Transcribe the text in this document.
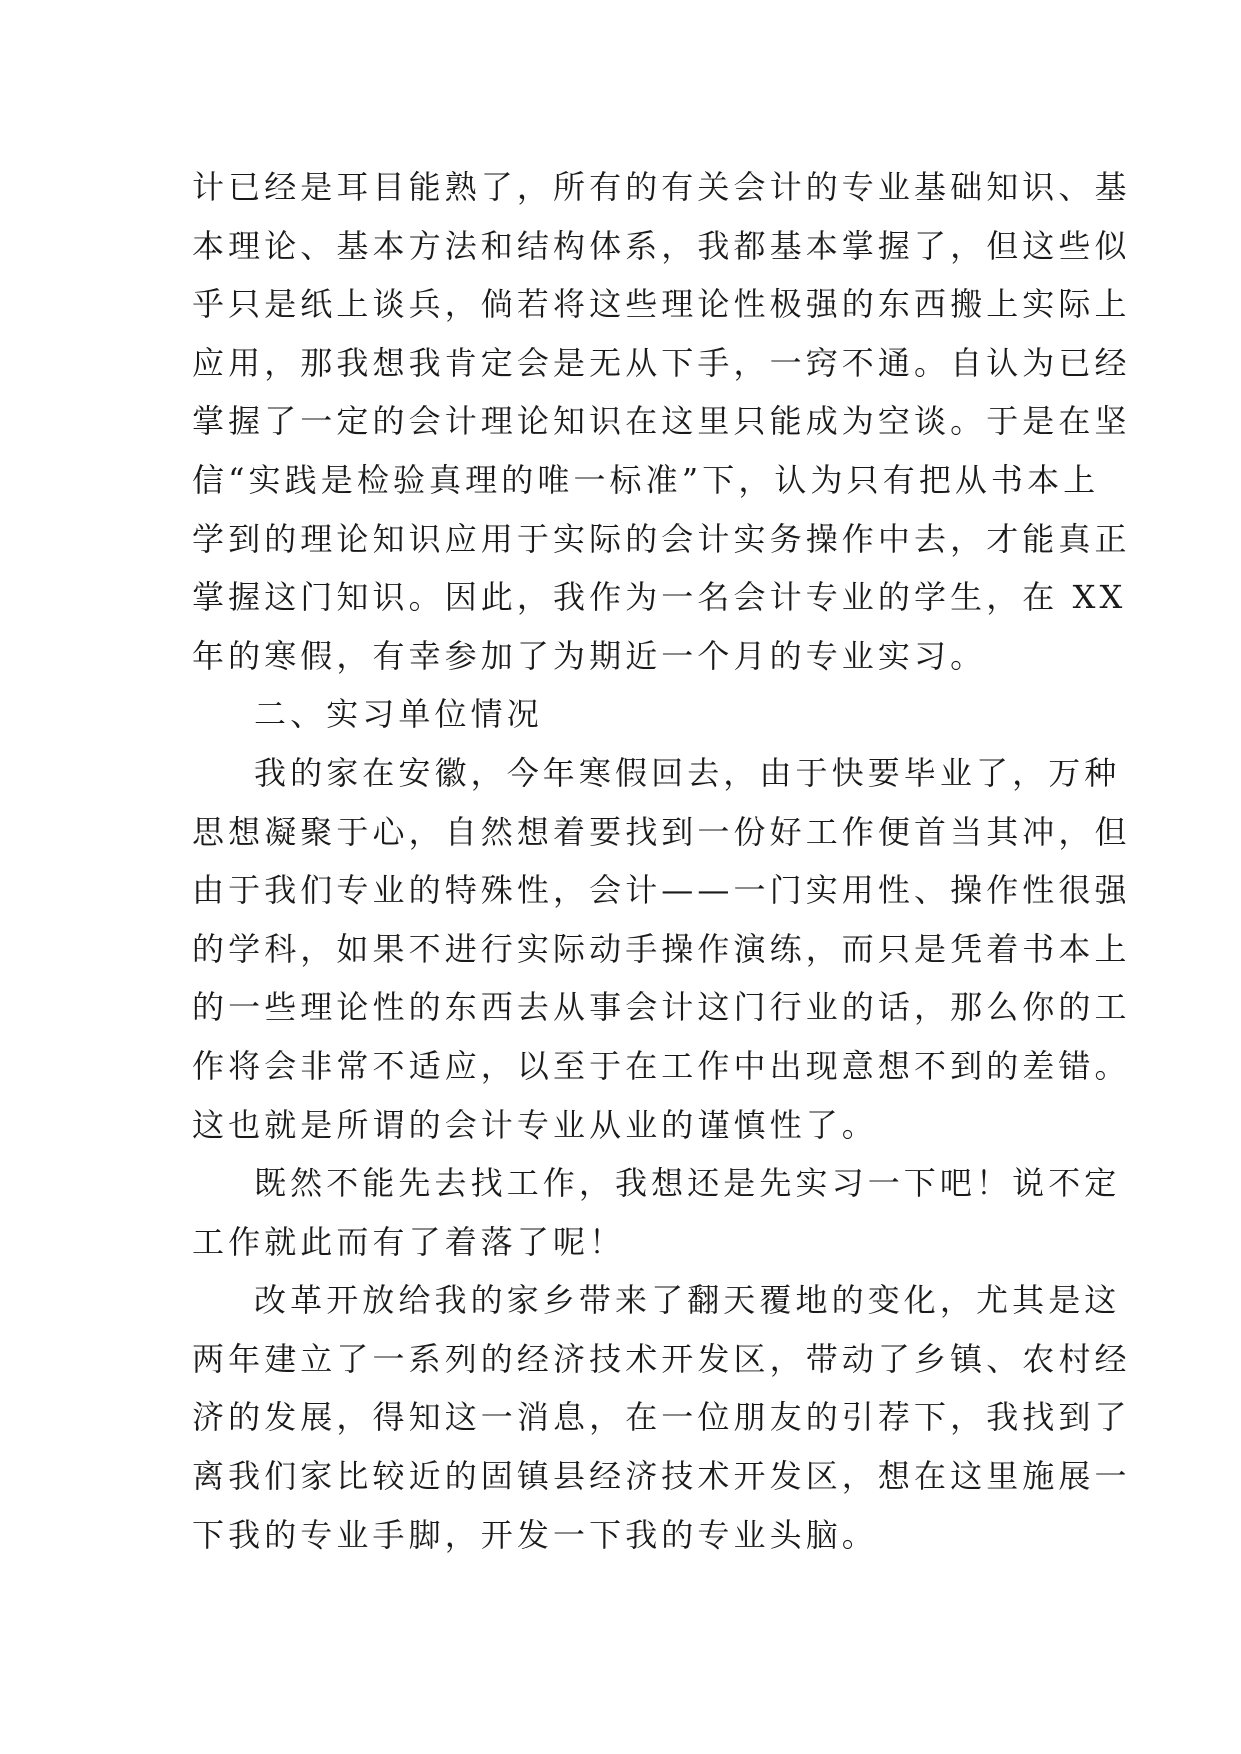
计已经是耳目能熟了，所有的有关会计的专业基础知识、基
本理论、基本方法和结构体系，我都基本掌握了，但这些似
乎只是纸上谈兵，倘若将这些理论性极强的东西搬上实际上
应用，那我想我肯定会是无从下手，一窍不通。自认为已经
掌握了一定的会计理论知识在这里只能成为空谈。于是在坚
信“实践是检验真理的唯一标准”下，认为只有把从书本上
学到的理论知识应用于实际的会计实务操作中去，才能真正
掌握这门知识。因此，我作为一名会计专业的学生，在 XX
年的寒假，有幸参加了为期近一个月的专业实习。
二、实习单位情况
我的家在安徽，今年寒假回去，由于快要毕业了，万种
思想凝聚于心，自然想着要找到一份好工作便首当其冲，但
由于我们专业的特殊性，会计——一门实用性、操作性很强
的学科，如果不进行实际动手操作演练，而只是凭着书本上
的一些理论性的东西去从事会计这门行业的话，那么你的工
作将会非常不适应，以至于在工作中出现意想不到的差错。
这也就是所谓的会计专业从业的谨慎性了。
既然不能先去找工作，我想还是先实习一下吧！说不定
工作就此而有了着落了呢！
改革开放给我的家乡带来了翻天覆地的变化，尤其是这
两年建立了一系列的经济技术开发区，带动了乡镇、农村经
济的发展，得知这一消息，在一位朋友的引荐下，我找到了
离我们家比较近的固镇县经济技术开发区，想在这里施展一
下我的专业手脚，开发一下我的专业头脑。
